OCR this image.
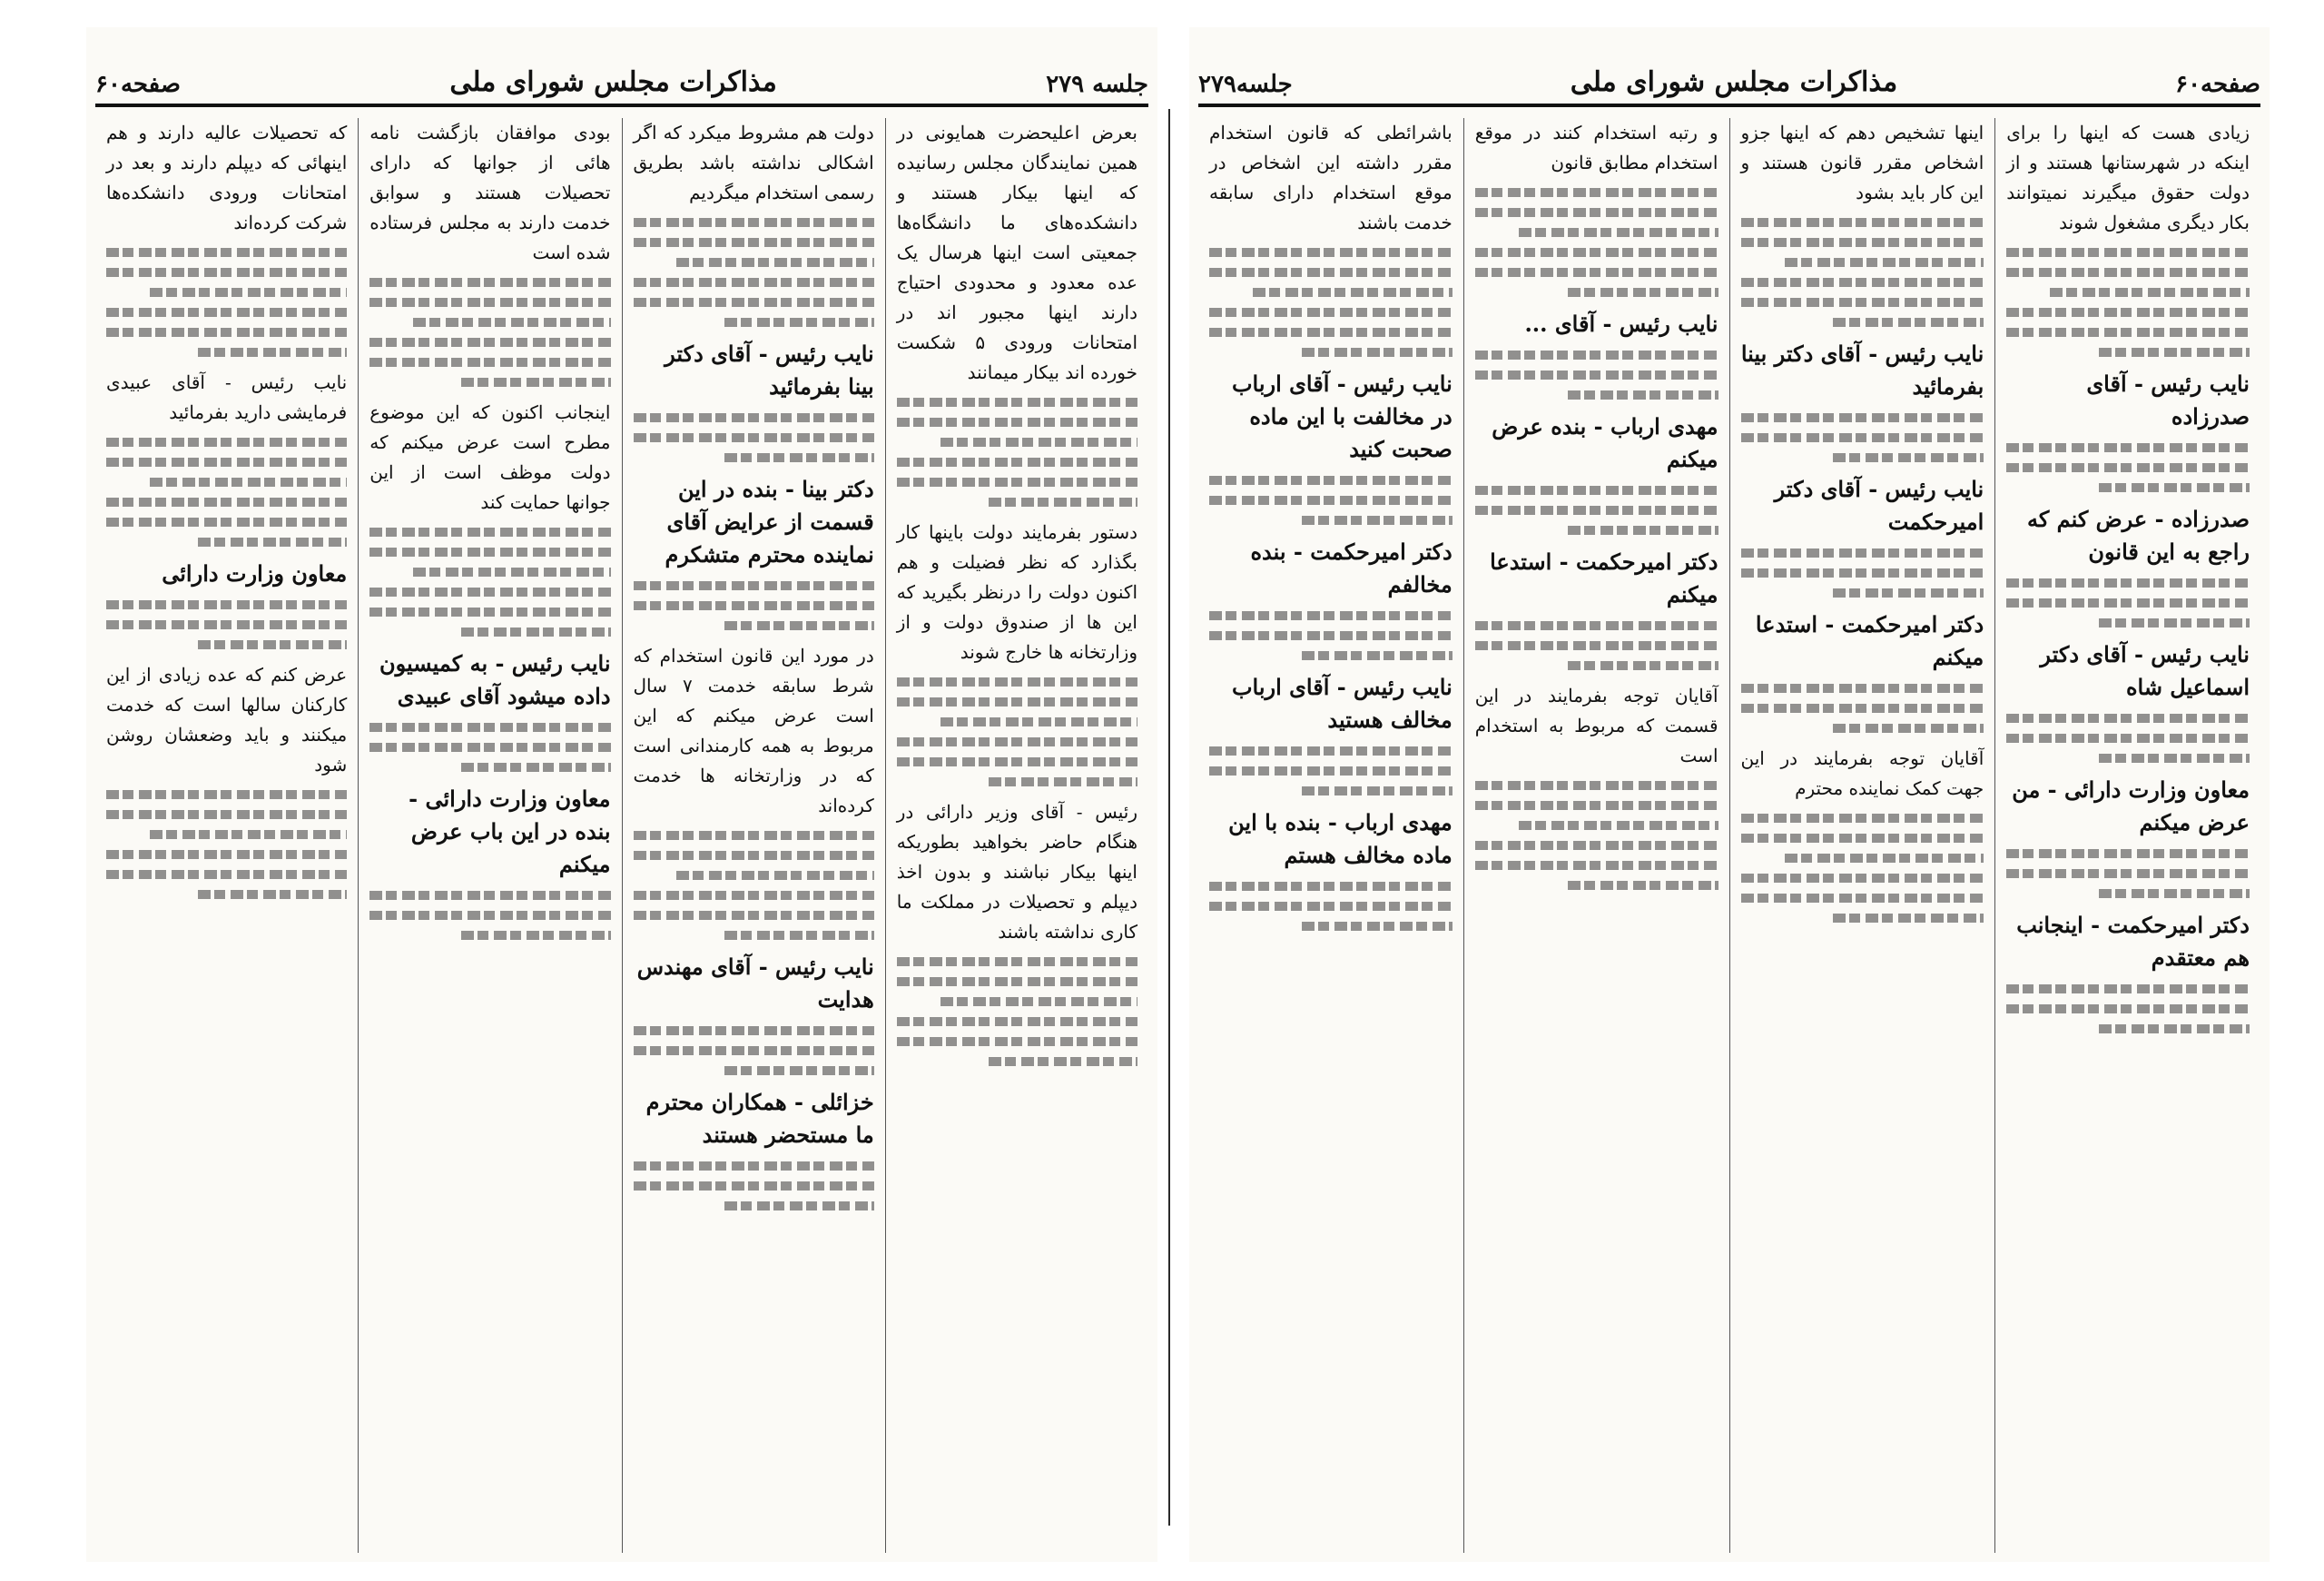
جلسه ۲۷۹
مذاکرات مجلس شورای ملی
صفحه۶۰

بعرض اعلیحضرت همایونی در همین نمایندگان مجلس رسانیده که اینها بیکار هستند و دانشکده‌های ما دانشگاه‌ها جمعیتی است اینها هرسال یک عده معدود و محدودی احتیاج دارند اینها مجبور اند در امتحانات ورودی ۵ شکست خورده اند بیکار میمانند

دستور بفرمایند دولت باینها کار بگذارد که نظر فضیلت و هم اکنون دولت را درنظر بگیرید که این ها از صندوق دولت و از وزارتخانه ها خارج شوند

رئیس - آقای وزیر دارائی در هنگام حاضر بخواهید بطوریکه اینها بیکار نباشند و بدون اخذ دیپلم و تحصیلات در مملکت ما کاری نداشته باشند

دولت هم مشروط میکرد که اگر اشکالی نداشته باشد بطریق رسمی استخدام میگردیم

نایب رئیس - آقای دکتر بینا بفرمائید
دکتر بینا - بنده در این قسمت از عرایض آقای نماینده محترم متشکرم

در مورد این قانون استخدام که شرط سابقه خدمت ۷ سال است عرض میکنم که این مربوط به همه کارمندانی است که در وزارتخانه ها خدمت کرده‌اند

نایب رئیس - آقای مهندس هدایت
خزائلی - همکاران محترم ما مستحضر هستند

بودی موافقان بازگشت نامه هائی از جوانها که دارای تحصیلات هستند و سوابق خدمت دارند به مجلس فرستاده شده است

اینجانب اکنون که این موضوع مطرح است عرض میکنم که دولت موظف است از این جوانها حمایت کند

نایب رئیس - به کمیسیون داده میشود آقای عبیدی
معاون وزارت دارائی - بنده در این باب عرض میکنم

که تحصیلات عالیه دارند و هم اینهائی که دیپلم دارند و بعد در امتحانات ورودی دانشکده‌ها شرکت کرده‌اند

نایب رئیس - آقای عبیدی فرمایشی دارید بفرمائید

معاون وزارت دارائی

عرض کنم که عده زیادی از این کارکنان سالها است که خدمت میکنند و باید وضعشان روشن شود

صفحه۶۰
مذاکرات مجلس شورای ملی
جلسه۲۷۹

زیادی هست که اینها را برای اینکه در شهرستانها هستند و از دولت حقوق میگیرند نمیتوانند بکار دیگری مشغول شوند

نایب رئیس - آقای صدرزاده
صدرزاده - عرض کنم که راجع به این قانون
نایب رئیس - آقای دکتر اسماعیل شاه
معاون وزارت دارائی - من عرض میکنم
دکتر امیرحکمت - اینجانب هم معتقدم

اینها تشخیص دهم که اینها جزو اشخاص مقرر قانون هستند و این کار باید بشود

نایب رئیس - آقای دکتر بینا بفرمائید
نایب رئیس - آقای دکتر امیرحکمت
دکتر امیرحکمت - استدعا میکنم

آقایان توجه بفرمایند در این جهت کمک نماینده محترم

و رتبه استخدام کنند در موقع استخدام مطابق قانون

نایب رئیس - آقای ...
مهدی ارباب - بنده عرض میکنم
دکتر امیرحکمت - استدعا میکنم

آقایان توجه بفرمایند در این قسمت که مربوط به استخدام است

باشرائطی که قانون استخدام مقرر داشته این اشخاص در موقع استخدام دارای سابقه خدمت باشند

نایب رئیس - آقای ارباب در مخالفت با این ماده صحبت کنید
دکتر امیرحکمت - بنده مخالفم
نایب رئیس - آقای ارباب مخالف هستید
مهدی ارباب - بنده با این ماده مخالف هستم
